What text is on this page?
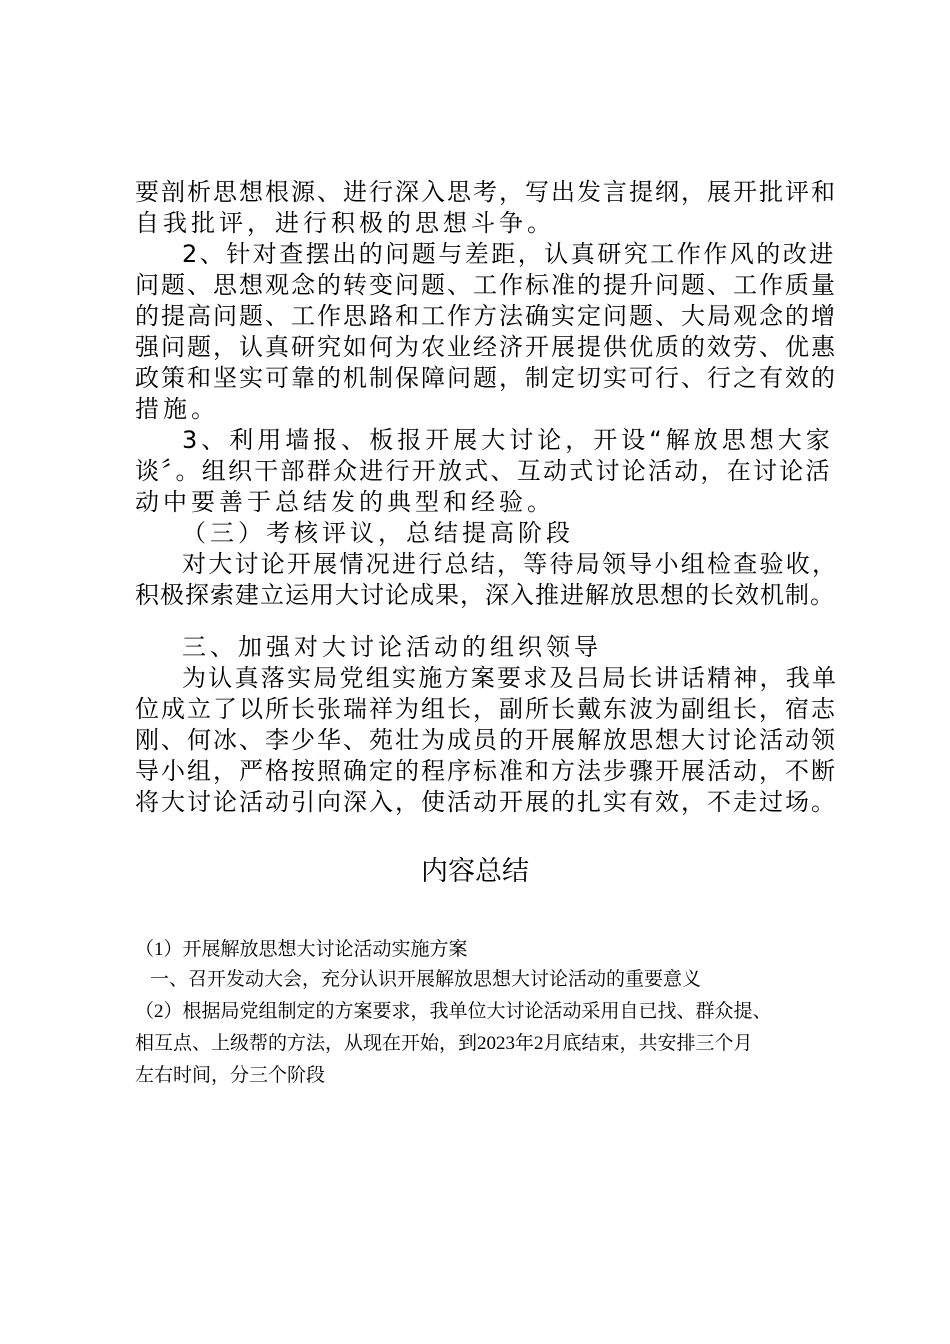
要剖析思想根源、进行深入思考，写出发言提纲，展开批评和
自我批评，进行积极的思想斗争。
2、针对查摆出的问题与差距，认真研究工作作风的改进
问题、思想观念的转变问题、工作标准的提升问题、工作质量
的提高问题、工作思路和工作方法确实定问题、大局观念的增
强问题，认真研究如何为农业经济开展提供优质的效劳、优惠
政策和坚实可靠的机制保障问题，制定切实可行、行之有效的
措施。
3、利用墙报、板报开展大讨论，开设“解放思想大家
谈〞。组织干部群众进行开放式、互动式讨论活动，在讨论活
动中要善于总结发的典型和经验。
（三）考核评议，总结提高阶段
对大讨论开展情况进行总结，等待局领导小组检查验收，
积极探索建立运用大讨论成果，深入推进解放思想的长效机制。
三、加强对大讨论活动的组织领导
为认真落实局党组实施方案要求及吕局长讲话精神，我单
位成立了以所长张瑞祥为组长，副所长戴东波为副组长，宿志
刚、何冰、李少华、苑壮为成员的开展解放思想大讨论活动领
导小组，严格按照确定的程序标准和方法步骤开展活动，不断
将大讨论活动引向深入，使活动开展的扎实有效，不走过场。
内容总结
（1）开展解放思想大讨论活动实施方案
一、召开发动大会，充分认识开展解放思想大讨论活动的重要意义
（2）根据局党组制定的方案要求，我单位大讨论活动采用自已找、群众提、
相互点、上级帮的方法，从现在开始，到2023年2月底结束，共安排三个月
左右时间，分三个阶段
